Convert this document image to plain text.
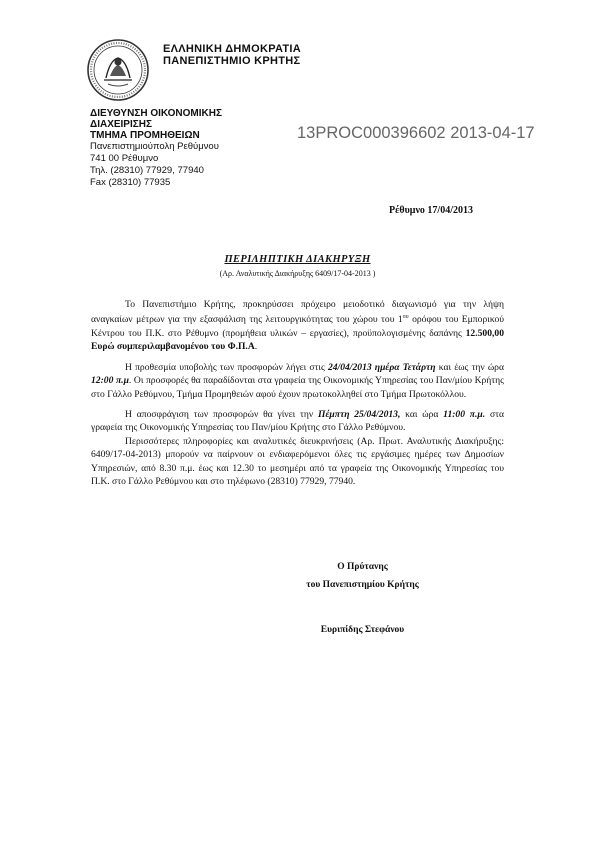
ΕΛΛΗΝΙΚΗ ΔΗΜΟΚΡΑΤΙΑ
ΠΑΝΕΠΙΣΤΗΜΙΟ ΚΡΗΤΗΣ
ΔΙΕΥΘΥΝΣΗ ΟΙΚΟΝΟΜΙΚΗΣ
ΔΙΑΧΕΙΡΙΣΗΣ
ΤΜΗΜΑ ΠΡΟΜΗΘΕΙΩΝ
Πανεπιστημιούπολη Ρεθύμνου
741 00 Ρέθυμνο
Τηλ. (28310) 77929, 77940
Fax (28310) 77935
13PROC000396602 2013-04-17
Ρέθυμνο 17/04/2013
ΠΕΡΙΛΗΠΤΙΚΗ ΔΙΑΚΗΡΥΞΗ
(Αρ. Αναλυτικής Διακήρυξης 6409/17-04-2013 )

Το Πανεπιστήμιο Κρήτης, προκηρύσσει πρόχειρο μειοδοτικό διαγωνισμό για την λήψη αναγκαίων μέτρων για την εξασφάλιση της λειτουργικότητας του χώρου του $1^{o\upsilon}$ ορόφου του Εμπορικού Κέντρου του Π.Κ. στο Ρέθυμνο (προμήθεια υλικών – εργασίες), προϋπολογισμένης δαπάνης 12.500,00 Ευρώ συμπεριλαμβανομένου του Φ.Π.Α.

Η προθεσμία υποβολής των προσφορών λήγει στις 24/04/2013 ημέρα Τετάρτη και έως την ώρα 12:00 π.μ. Οι προσφορές θα παραδίδονται στα γραφεία της Οικονομικής Υπηρεσίας του Παν/μίου Κρήτης στο Γάλλο Ρεθύμνου, Τμήμα Προμηθειών αφού έχουν πρωτοκολληθεί στο Τμήμα Πρωτοκόλλου.

Η αποσφράγιση των προσφορών θα γίνει την Πέμπτη 25/04/2013, και ώρα 11:00 π.μ. στα γραφεία της Οικονομικής Υπηρεσίας του Παν/μίου Κρήτης στο Γάλλο Ρεθύμνου.

Περισσότερες πληροφορίες και αναλυτικές διευκρινήσεις (Αρ. Πρωτ. Αναλυτικής Διακήρυξης: 6409/17-04-2013) μπορούν να παίρνουν οι ενδιαφερόμενοι όλες τις εργάσιμες ημέρες των Δημοσίων Υπηρεσιών, από 8.30 π.μ. έως και 12.30 το μεσημέρι από τα γραφεία της Οικονομικής Υπηρεσίας του Π.Κ. στο Γάλλο Ρεθύμνου και στο τηλέφωνο (28310) 77929, 77940.

Ο Πρύτανης
του Πανεπιστημίου Κρήτης
Ευριπίδης Στεφάνου
